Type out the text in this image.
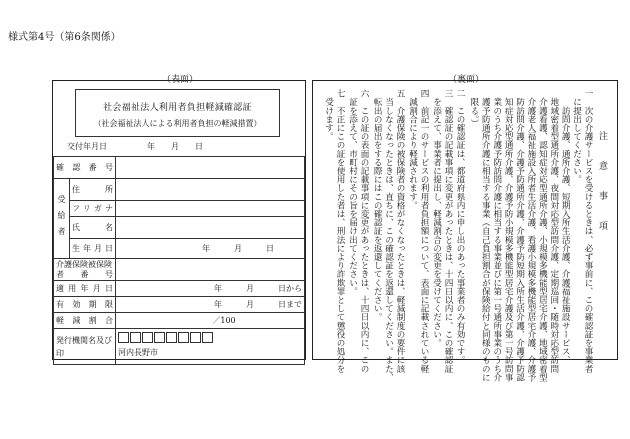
様式第4号（第6条関係）
（表面）	（裏面）
社会福祉法人利用者負担軽減確認証
（社会福祉法人による利用者負担の軽減措置）
交付年月日　　　　　年　　月　　日
確　認　番　号		
受給者	住　　　所	
	フリガナ	
	氏　　　名	
	生年月日	年　　　月　　　日
介護保険被保険者番号		
適用年月日		年　　　月　　　日から
有効期限		年　　　月　　　日まで
軽減割合		／100
発行機関名及び印		河内長野市
注　意　事　項
一　次の介護サービスを受けるときは、必ず事前に、この確認証を事業者
　に提出してください。
　　訪問介護、通所介護、短期入所生活介護、介護福祉施設サービス、
　地域密着型通所介護、夜間対応型訪問介護、定期巡回・随時対応型訪問
　介護看護、認知症対応型通所介護、小規模多機能型居宅介護、地域密着型
　介護老人福祉施設入所者生活介護、看護小規模多機能型居宅介護、介護予
　防訪問介護、介護予防通所介護、介護予防短期入所生活介護、介護予防認
　知症対応型通所介護、介護予防小規模多機能型居宅介護及び第一号訪問事
　業のうち介護予防訪問介護に相当する事業並びに第一号通所事業のうち介
　護予防通所介護に相当する事業（自己負担割合が保険給付と同様のものに
　限る。）
二　この確認証は、都道府県内に申し出のあった事業者のみ有効です。
三　確認証の記載事項に変更があったときは、十四日以内に、この確認証
　を添えて、事業者に提出し、軽減割合の変更を受けてください。
四　前記一のサービスの利用者負担額について、表面に記載されている軽
　減割合により軽減されます。
五　介護保険の被保険者の資格がなくなったときは、軽減制度の要件に該
　当しなくなったときは、直ちに、この確認証を返還してください。また、
　転出の届出をする際にはこの確認証を返還してください。
六　この証の表面の記載事項に変更があったときは、十四日以内に、この
　証を添えて、市町村にその旨を届け出てください。
七　不正にこの証を使用した者は、刑法により詐欺罪として懲役の処分を
　受けます。
